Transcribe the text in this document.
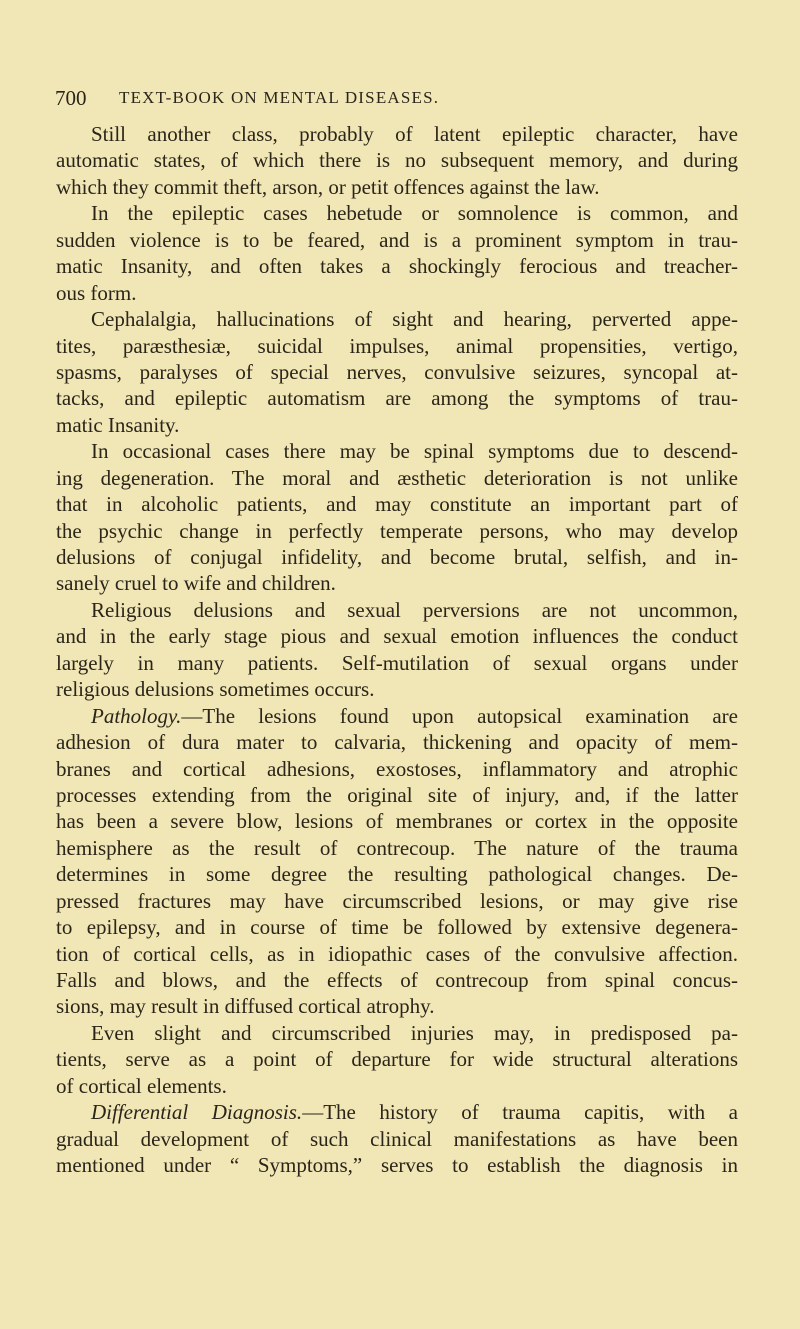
700 TEXT-BOOK ON MENTAL DISEASES.
Still another class, probably of latent epileptic character, have
automatic states, of which there is no subsequent memory, and during
which they commit theft, arson, or petit offences against the law.
In the epileptic cases hebetude or somnolence is common, and
sudden violence is to be feared, and is a prominent symptom in trau-
matic Insanity, and often takes a shockingly ferocious and treacher-
ous form.
Cephalalgia, hallucinations of sight and hearing, perverted appe-
tites, paræsthesiæ, suicidal impulses, animal propensities, vertigo,
spasms, paralyses of special nerves, convulsive seizures, syncopal at-
tacks, and epileptic automatism are among the symptoms of trau-
matic Insanity.
In occasional cases there may be spinal symptoms due to descend-
ing degeneration. The moral and æsthetic deterioration is not unlike
that in alcoholic patients, and may constitute an important part of
the psychic change in perfectly temperate persons, who may develop
delusions of conjugal infidelity, and become brutal, selfish, and in-
sanely cruel to wife and children.
Religious delusions and sexual perversions are not uncommon,
and in the early stage pious and sexual emotion influences the conduct
largely in many patients. Self-mutilation of sexual organs under
religious delusions sometimes occurs.
Pathology.—The lesions found upon autopsical examination are
adhesion of dura mater to calvaria, thickening and opacity of mem-
branes and cortical adhesions, exostoses, inflammatory and atrophic
processes extending from the original site of injury, and, if the latter
has been a severe blow, lesions of membranes or cortex in the opposite
hemisphere as the result of contrecoup. The nature of the trauma
determines in some degree the resulting pathological changes. De-
pressed fractures may have circumscribed lesions, or may give rise
to epilepsy, and in course of time be followed by extensive degenera-
tion of cortical cells, as in idiopathic cases of the convulsive affection.
Falls and blows, and the effects of contrecoup from spinal concus-
sions, may result in diffused cortical atrophy.
Even slight and circumscribed injuries may, in predisposed pa-
tients, serve as a point of departure for wide structural alterations
of cortical elements.
Differential Diagnosis.—The history of trauma capitis, with a
gradual development of such clinical manifestations as have been
mentioned under “ Symptoms,” serves to establish the diagnosis in
